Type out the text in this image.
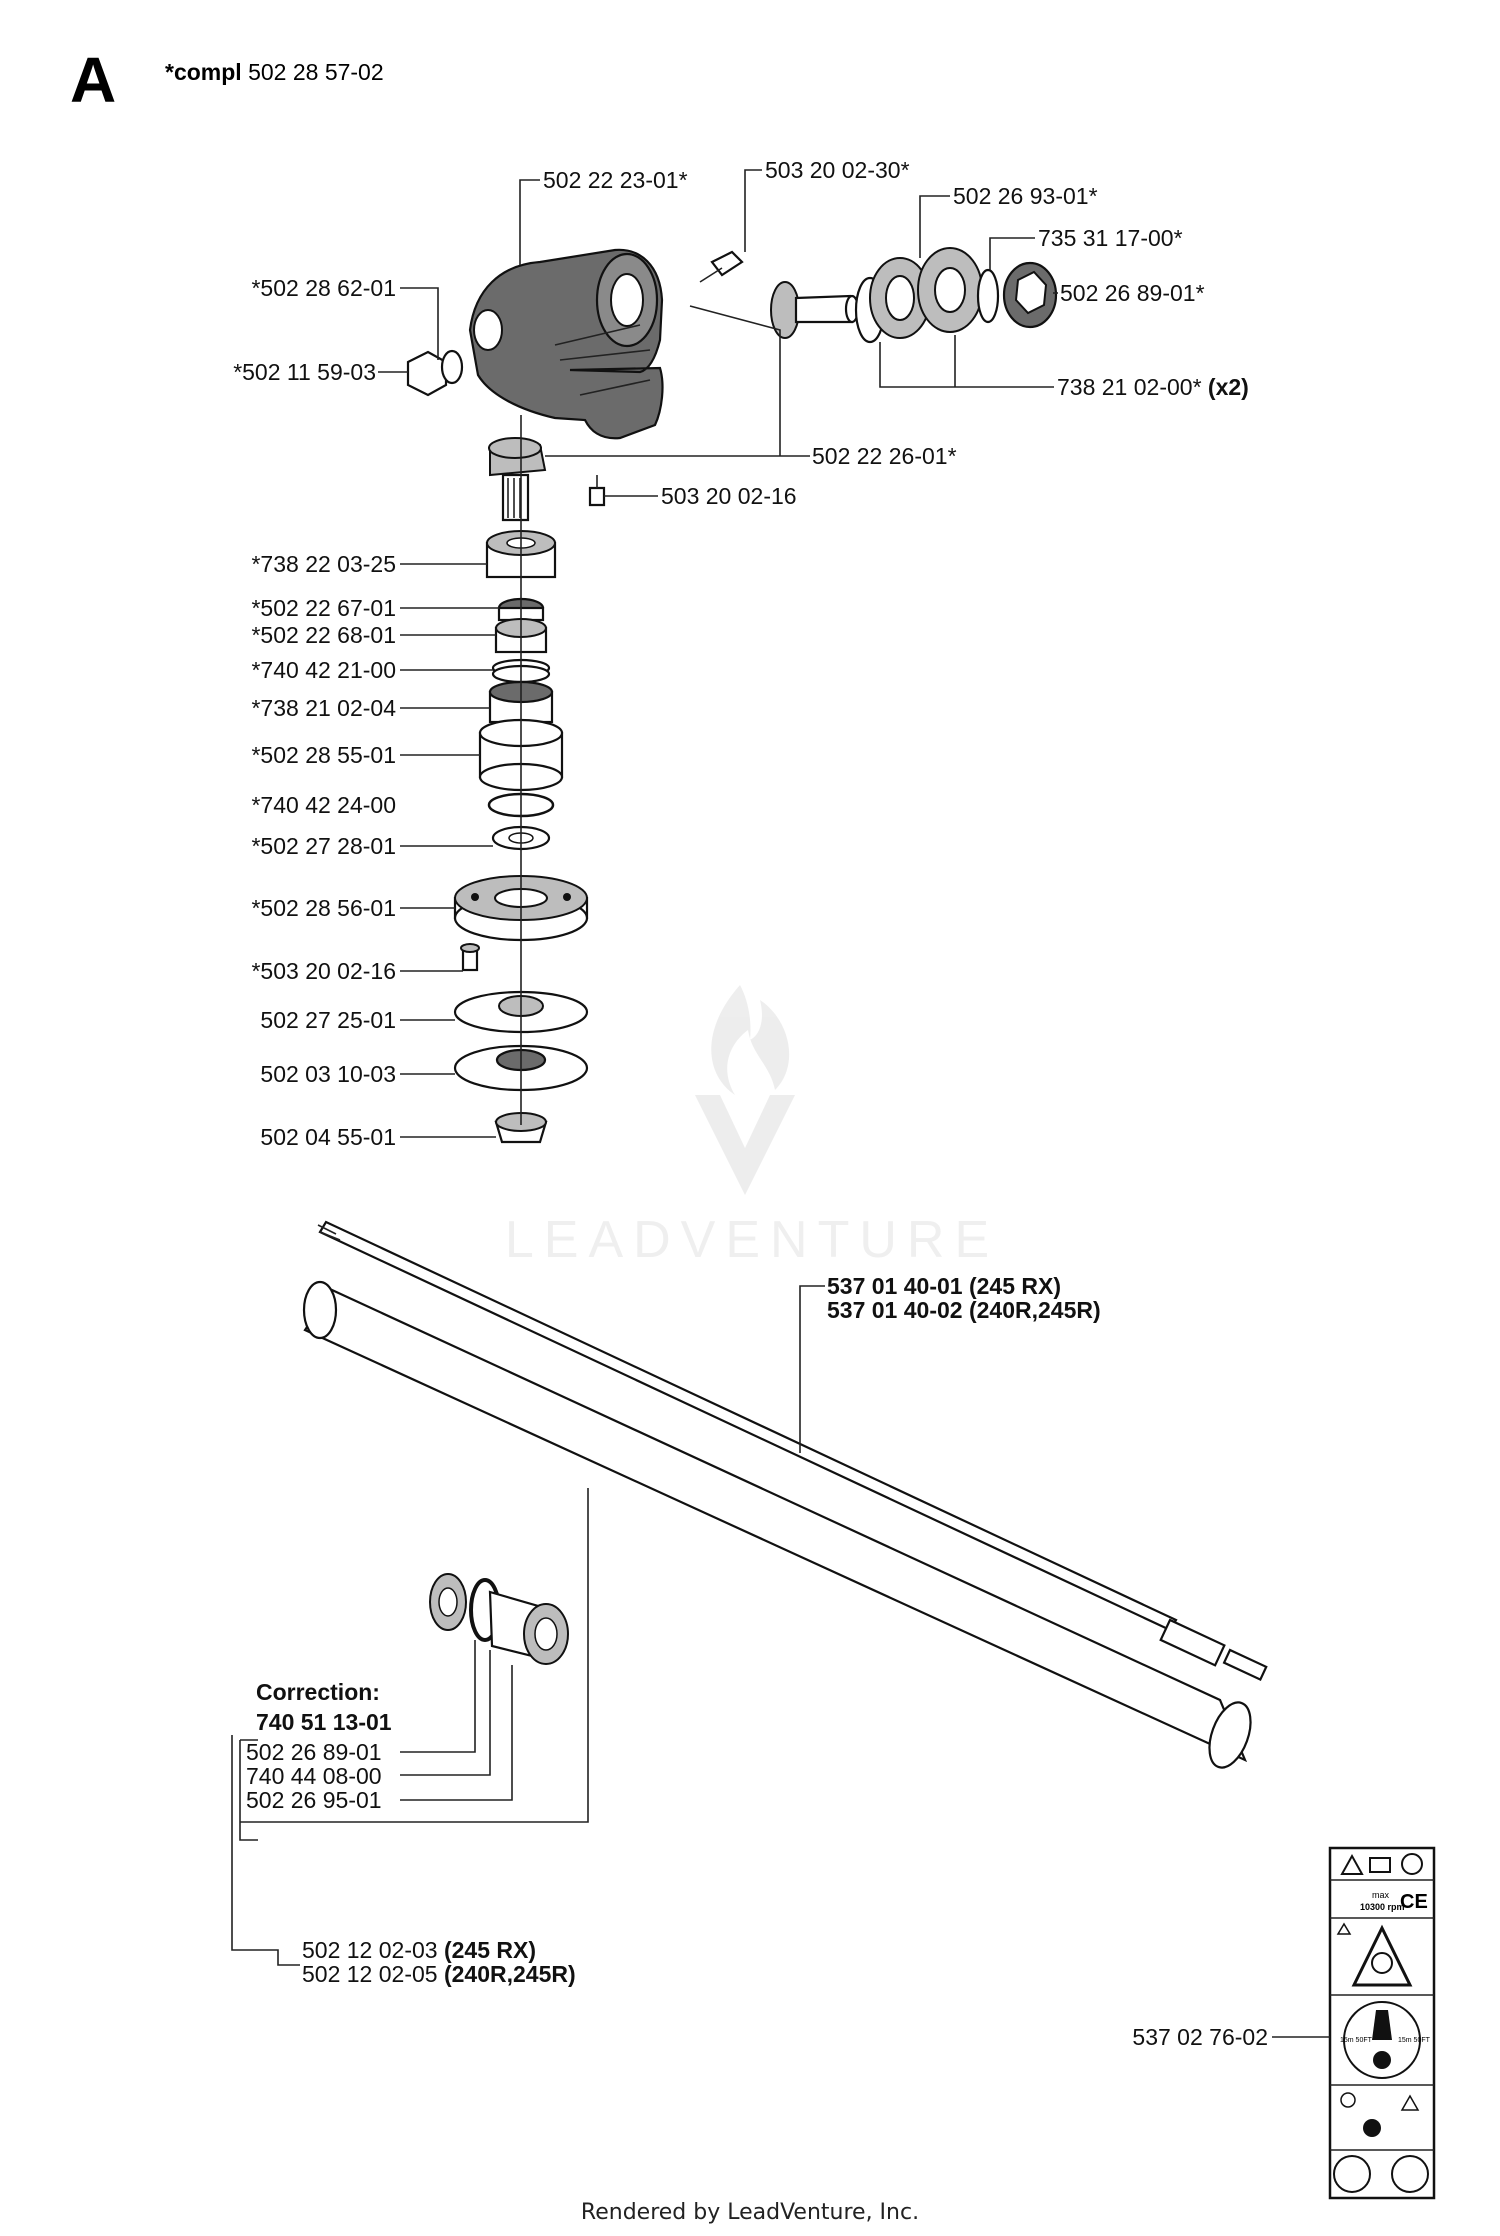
A *compl 502 28 57-02
LEADVENTURE
max
10300 rpm
CE
15m 50FT	15m 50FT
502 22 23-01*	503 20 02-30*
502 26 93-01*
735 31 17-00*
502 26 89-01*
*502 28 62-01
*502 11 59-03
738 21 02-00* (x2)
502 22 26-01*
503 20 02-16
*738 22 03-25
*502 22 67-01
*502 22 68-01
*740 42 21-00
*738 21 02-04
*502 28 55-01
*740 42 24-00
*502 27 28-01
*502 28 56-01
*503 20 02-16
502 27 25-01
502 03 10-03
502 04 55-01
537 01 40-01 (245 RX)
537 01 40-02 (240R,245R)
Correction:
740 51 13-01
502 26 89-01
740 44 08-00
502 26 95-01
502 12 02-03 (245 RX)
502 12 02-05 (240R,245R)
537 02 76-02
Rendered by LeadVenture, Inc.
